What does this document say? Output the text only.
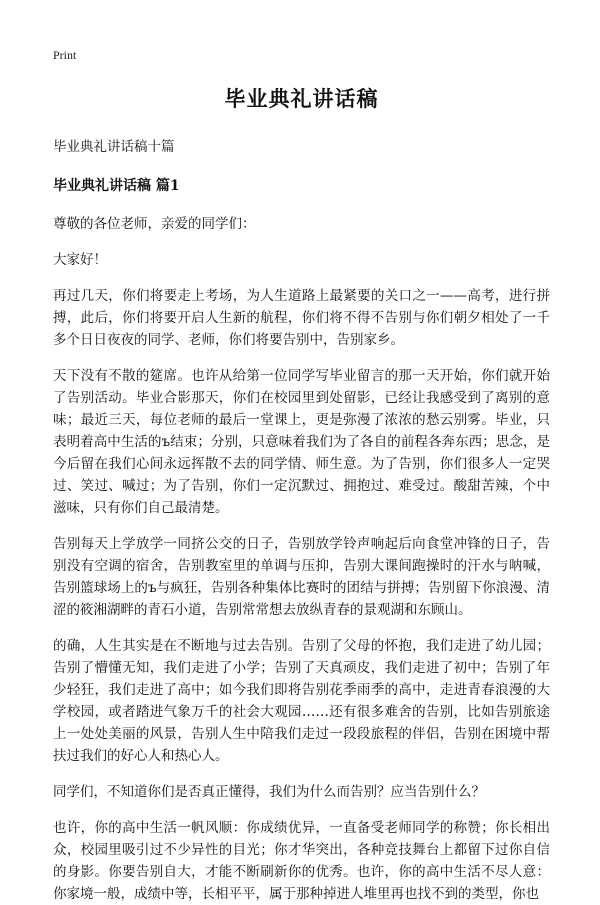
Print
毕业典礼讲话稿
毕业典礼讲话稿十篇
毕业典礼讲话稿 篇1
尊敬的各位老师，亲爱的同学们：
大家好！
再过几天，你们将要走上考场，为人生道路上最紧要的关口之一——高考，进行拼搏，此后，你们将要开启人生新的航程，你们将不得不告别与你们朝夕相处了一千多个日日夜夜的同学、老师，你们将要告别中，告别家乡。
天下没有不散的筵席。也许从给第一位同学写毕业留言的那一天开始，你们就开始了告别活动。毕业合影那天，你们在校园里到处留影，已经让我感受到了离别的意味；最近三天，每位老师的最后一堂课上，更是弥漫了浓浓的愁云别雾。毕业，只表明着高中生活的ъ结束；分别，只意味着我们为了各自的前程各奔东西；思念，是今后留在我们心间永远挥散不去的同学情、师生意。为了告别，你们很多人一定哭过、笑过、喊过；为了告别，你们一定沉默过、拥抱过、难受过。酸甜苦辣，个中滋味，只有你们自己最清楚。
告别每天上学放学一同挤公交的日子，告别放学铃声响起后向食堂冲锋的日子，告别没有空调的宿舍，告别教室里的单调与压抑，告别大课间跑操时的汗水与呐喊，告别篮球场上的ъ与疯狂，告别各种集体比赛时的团结与拼搏；告别留下你浪漫、清涩的筱湘湖畔的青石小道，告别常常想去放纵青春的景观湖和东顾山。
的确，人生其实是在不断地与过去告别。告别了父母的怀抱，我们走进了幼儿园；告别了懵懂无知，我们走进了小学；告别了天真顽皮，我们走进了初中；告别了年少轻狂，我们走进了高中；如今我们即将告别花季雨季的高中，走进青春浪漫的大学校园，或者踏进气象万千的社会大观园……还有很多难舍的告别，比如告别旅途上一处处美丽的风景，告别人生中陪我们走过一段段旅程的伴侣，告别在困境中帮扶过我们的好心人和热心人。
同学们，不知道你们是否真正懂得，我们为什么而告别？应当告别什么？
也许，你的高中生活一帆风顺：你成绩优异，一直备受老师同学的称赞；你长相出众，校园里吸引过不少异性的目光；你才华突出，各种竞技舞台上都留下过你自信的身影。你要告别自大，才能不断刷新你的优秀。也许，你的高中生活不尽人意：你家境一般，成绩中等，长相平平，属于那种掉进人堆里再也找不到的类型，你也
